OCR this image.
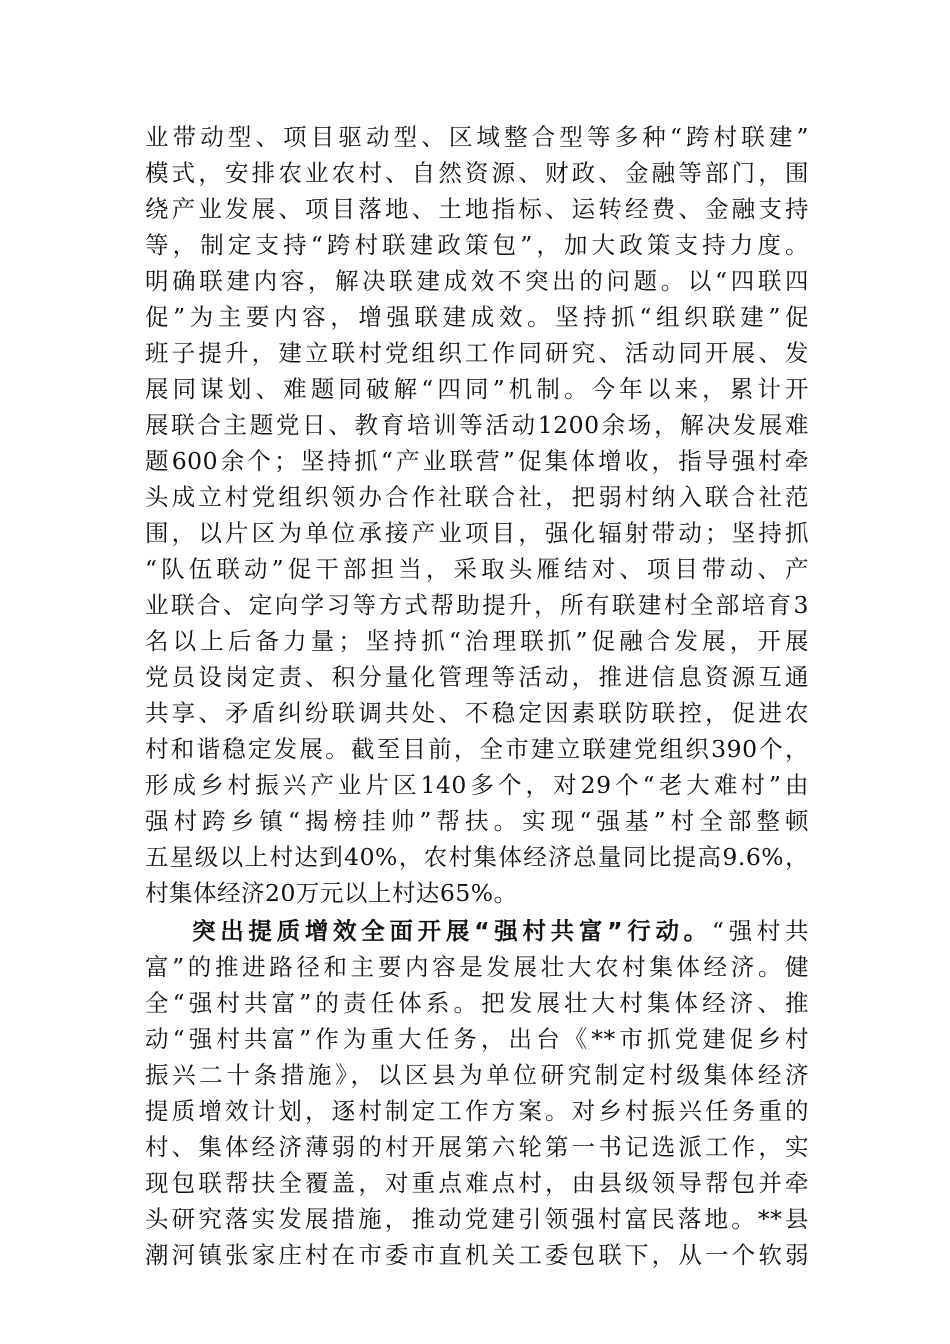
业带动型、项目驱动型、区域整合型等多种“跨村联建”
模式，安排农业农村、自然资源、财政、金融等部门，围
绕产业发展、项目落地、土地指标、运转经费、金融支持
等，制定支持“跨村联建政策包”，加大政策支持力度。
明确联建内容，解决联建成效不突出的问题。以“四联四
促”为主要内容，增强联建成效。坚持抓“组织联建”促
班子提升，建立联村党组织工作同研究、活动同开展、发
展同谋划、难题同破解“四同”机制。今年以来，累计开
展联合主题党日、教育培训等活动1200余场，解决发展难
题600余个；坚持抓“产业联营”促集体增收，指导强村牵
头成立村党组织领办合作社联合社，把弱村纳入联合社范
围，以片区为单位承接产业项目，强化辐射带动；坚持抓
“队伍联动”促干部担当，采取头雁结对、项目带动、产
业联合、定向学习等方式帮助提升，所有联建村全部培育3
名以上后备力量；坚持抓“治理联抓”促融合发展，开展
党员设岗定责、积分量化管理等活动，推进信息资源互通
共享、矛盾纠纷联调共处、不稳定因素联防联控，促进农
村和谐稳定发展。截至目前，全市建立联建党组织390个，
形成乡村振兴产业片区140多个，对29个“老大难村”由
强村跨乡镇“揭榜挂帅”帮扶。实现“强基”村全部整顿
五星级以上村达到40%，农村集体经济总量同比提高9.6%，
村集体经济20万元以上村达65%。
突出提质增效全面开展“强村共富”行动。“强村共
富”的推进路径和主要内容是发展壮大农村集体经济。健
全“强村共富”的责任体系。把发展壮大村集体经济、推
动“强村共富”作为重大任务，出台《**市抓党建促乡村
振兴二十条措施》，以区县为单位研究制定村级集体经济
提质增效计划，逐村制定工作方案。对乡村振兴任务重的
村、集体经济薄弱的村开展第六轮第一书记选派工作，实
现包联帮扶全覆盖，对重点难点村，由县级领导帮包并牵
头研究落实发展措施，推动党建引领强村富民落地。**县
潮河镇张家庄村在市委市直机关工委包联下，从一个软弱
